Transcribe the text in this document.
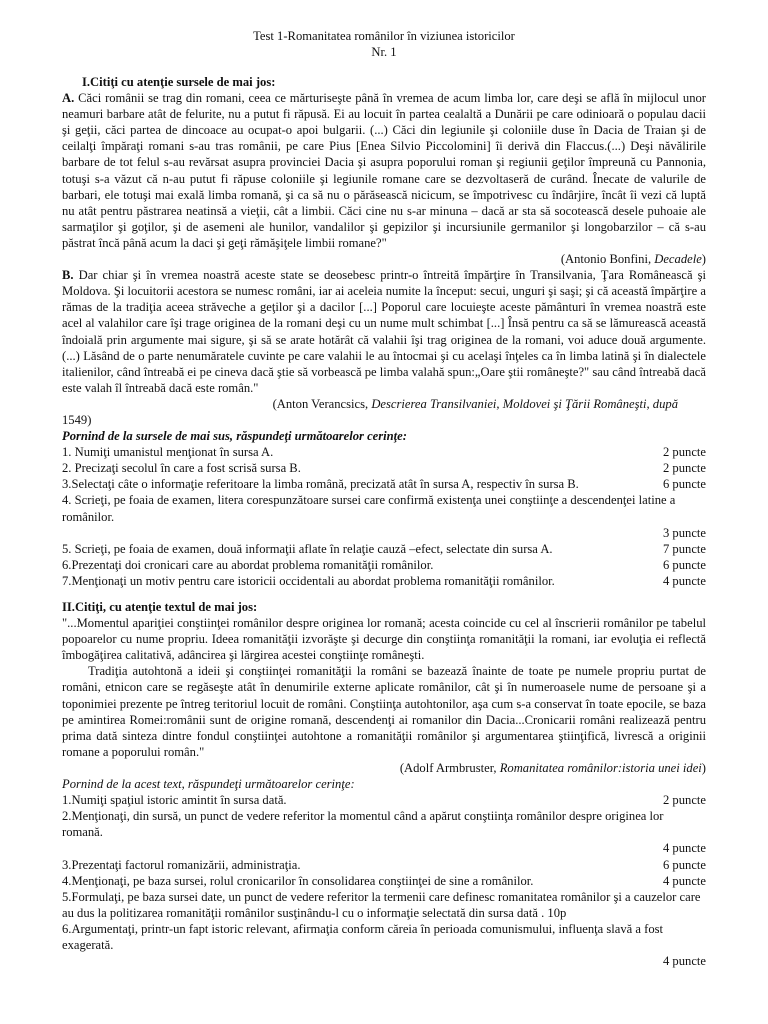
Test 1-Romanitatea românilor în viziunea istoricilor
Nr. 1
I.Citiţi cu atenţie sursele de mai jos:

A. Căci românii se trag din romani, ceea ce mărturiseşte până în vremea de acum limba lor, care deşi se află în mijlocul unor neamuri barbare atât de felurite, nu a putut fi răpusă. Ei au locuit în partea cealaltă a Dunării pe care odinioară o populau dacii şi geţii, căci partea de dincoace au ocupat-o apoi bulgarii. (...) Căci din legiunile şi coloniile duse în Dacia de Traian şi de ceilalţi împăraţi romani s-au tras românii, pe care Pius [Enea Silvio Piccolomini] îi derivă din Flaccus.(...) Deşi năvălirile barbare de tot felul s-au revărsat asupra provinciei Dacia şi asupra poporului roman şi regiunii geţilor împreună cu Pannonia, totuşi s-a văzut că n-au putut fi răpuse coloniile şi legiunile romane care se dezvoltaseră de curând. Înecate de valurile de barbari, ele totuşi mai exală limba romană, şi ca să nu o părăsească nicicum, se împotrivesc cu îndârjire, încât îi vezi că luptă nu atât pentru păstrarea neatinsă a vieţii, cât a limbii. Căci cine nu s-ar minuna – dacă ar sta să socotească desele puhoaie ale sarmaţilor şi goţilor, şi de asemeni ale hunilor, vandalilor şi gepizilor şi incursiunile germanilor şi longobarzilor – că s-au păstrat încă până acum la daci şi geţi rămăşiţele limbii romane?"

(Antonio Bonfini, Decadele)

B. Dar chiar şi în vremea noastră aceste state se deosebesc printr-o întreită împărţire în Transilvania, Ţara Românească şi Moldova. Şi locuitorii acestora se numesc români, iar ai aceleia numite la început: secui, unguri şi saşi; şi că această împărţire a rămas de la tradiţia aceea străveche a geţilor şi a dacilor [...] Poporul care locuieşte aceste pământuri în vremea noastră este acel al valahilor care îşi trage originea de la romani deşi cu un nume mult schimbat [...] Însă pentru ca să se lămurească această îndoială prin argumente mai sigure, şi să se arate hotărât că valahii îşi trag originea de la romani, voi aduce două argumente. (...) Lăsând de o parte nenumăratele cuvinte pe care valahii le au întocmai şi cu acelaşi înţeles ca în limba latină şi în dialectele italienilor, când întreabă ei pe cineva dacă ştie să vorbească pe limba valahă spun:„Oare ştii româneşte?" sau când întreabă dacă este valah îl întreabă dacă este român."

(Anton Verancsics, Descrierea Transilvaniei, Moldovei şi Ţării Româneşti, după
1549)
Pornind de la sursele de mai sus, răspundeţi următoarelor cerinţe:
1. Numiţi umanistul menţionat în sursa A.	2 puncte
2. Precizaţi secolul în care a fost scrisă sursa B.	2 puncte
3.Selectaţi câte o informaţie referitoare la limba română, precizată atât în sursa A, respectiv în sursa B.	6 puncte
4. Scrieţi, pe foaia de examen, litera corespunzătoare sursei care confirmă existenţa unei conştiinţe a descendenţei latine a românilor.
3 puncte
5. Scrieţi, pe foaia de examen, două informaţii aflate în relaţie cauză –efect, selectate din sursa A.	7 puncte
6.Prezentaţi doi cronicari care au abordat problema romanităţii românilor.	6 puncte
7.Menţionaţi un motiv pentru care istoricii occidentali au abordat problema romanităţii românilor.	4 puncte
II.Citiţi, cu atenţie textul de mai jos:

"...Momentul apariţiei conştiinţei românilor despre originea lor romană; acesta coincide cu cel al înscrierii românilor pe tabelul popoarelor cu nume propriu. Ideea romanităţii izvorăşte şi decurge din conştiinţa romanităţii la romani, iar evoluţia ei reflectă îmbogăţirea calitativă, adâncirea şi lărgirea acestei conştiinţe româneşti.

Tradiţia autohtonă a ideii şi conştiinţei romanităţii la români se bazează înainte de toate pe numele propriu purtat de români, etnicon care se regăseşte atât în denumirile externe aplicate românilor, cât şi în numeroasele nume de persoane şi a toponimiei prezente pe întreg teritoriul locuit de români. Conştiinţa autohtonilor, aşa cum s-a conservat în toate epocile, se baza pe amintirea Romei:românii sunt de origine romană, descendenţi ai romanilor din Dacia...Cronicarii români realizează pentru prima dată sinteza dintre fondul conştiinţei autohtone a romanităţii românilor şi argumentarea ştiinţifică, livrescă a originii romane a poporului român."

(Adolf Armbruster, Romanitatea românilor:istoria unei idei)
Pornind de la acest text, răspundeţi următoarelor cerinţe:
1.Numiţi spaţiul istoric amintit în sursa dată.	2 puncte
2.Menţionaţi, din sursă, un punct de vedere referitor la momentul când a apărut conştiinţa românilor despre originea lor romană.
4 puncte
3.Prezentaţi factorul romanizării, administraţia.	6 puncte
4.Menţionaţi, pe baza sursei, rolul cronicarilor în consolidarea conştiinţei de sine a românilor.	4 puncte
5.Formulaţi, pe baza sursei date, un punct de vedere referitor la termenii care definesc romanitatea românilor şi a cauzelor care au dus la politizarea romanităţii românilor susţinându-l cu o informaţie selectată din sursa dată . 10p
6.Argumentaţi, printr-un fapt istoric relevant, afirmaţia conform căreia în perioada comunismului, influenţa slavă a fost exagerată.
4 puncte
